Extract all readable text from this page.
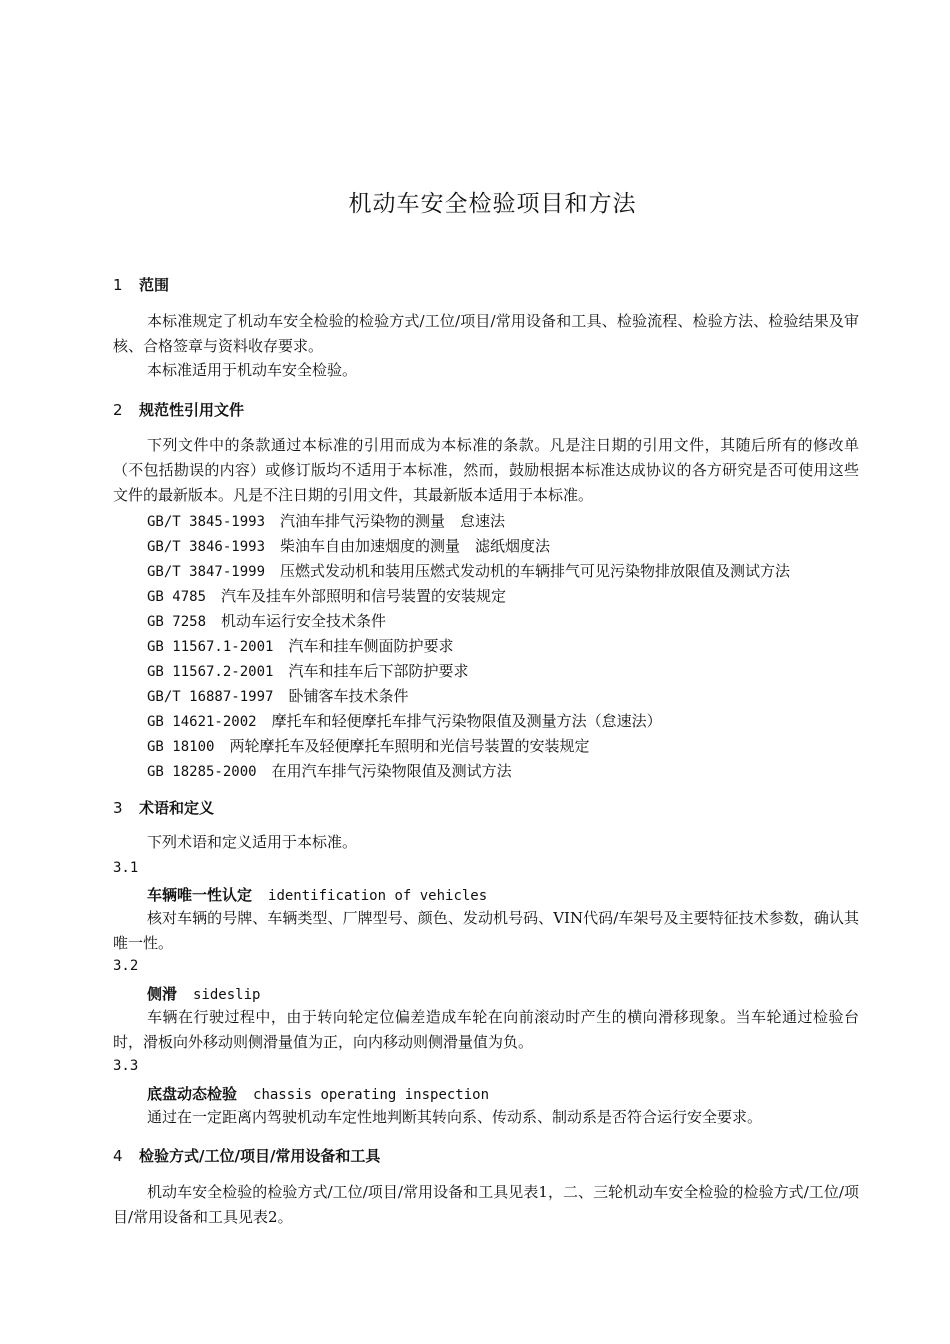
机动车安全检验项目和方法
1 范围
本标准规定了机动车安全检验的检验方式/工位/项目/常用设备和工具、检验流程、检验方法、检验结果及审核、合格签章与资料收存要求。
本标准适用于机动车安全检验。
2 规范性引用文件
下列文件中的条款通过本标准的引用而成为本标准的条款。凡是注日期的引用文件，其随后所有的修改单（不包括勘误的内容）或修订版均不适用于本标准，然而，鼓励根据本标准达成协议的各方研究是否可使用这些文件的最新版本。凡是不注日期的引用文件，其最新版本适用于本标准。
GB/T 3845-1993　 汽油车排气污染物的测量　怠速法
GB/T 3846-1993　 柴油车自由加速烟度的测量　滤纸烟度法
GB/T 3847-1999　 压燃式发动机和装用压燃式发动机的车辆排气可见污染物排放限值及测试方法
GB 4785　 汽车及挂车外部照明和信号装置的安装规定
GB 7258　 机动车运行安全技术条件
GB 11567.1-2001　 汽车和挂车侧面防护要求
GB 11567.2-2001　 汽车和挂车后下部防护要求
GB/T 16887-1997　 卧铺客车技术条件
GB 14621-2002　 摩托车和轻便摩托车排气污染物限值及测量方法（怠速法）
GB 18100　 两轮摩托车及轻便摩托车照明和光信号装置的安装规定
GB 18285-2000　 在用汽车排气污染物限值及测试方法
3 术语和定义
下列术语和定义适用于本标准。
3.1
车辆唯一性认定 identification of vehicles
核对车辆的号牌、车辆类型、厂牌型号、颜色、发动机号码、VIN代码/车架号及主要特征技术参数，确认其唯一性。
3.2
侧滑 sideslip
车辆在行驶过程中，由于转向轮定位偏差造成车轮在向前滚动时产生的横向滑移现象。当车轮通过检验台时，滑板向外移动则侧滑量值为正，向内移动则侧滑量值为负。
3.3
底盘动态检验 chassis operating inspection
通过在一定距离内驾驶机动车定性地判断其转向系、传动系、制动系是否符合运行安全要求。
4 检验方式/工位/项目/常用设备和工具
机动车安全检验的检验方式/工位/项目/常用设备和工具见表1，二、三轮机动车安全检验的检验方式/工位/项目/常用设备和工具见表2。
